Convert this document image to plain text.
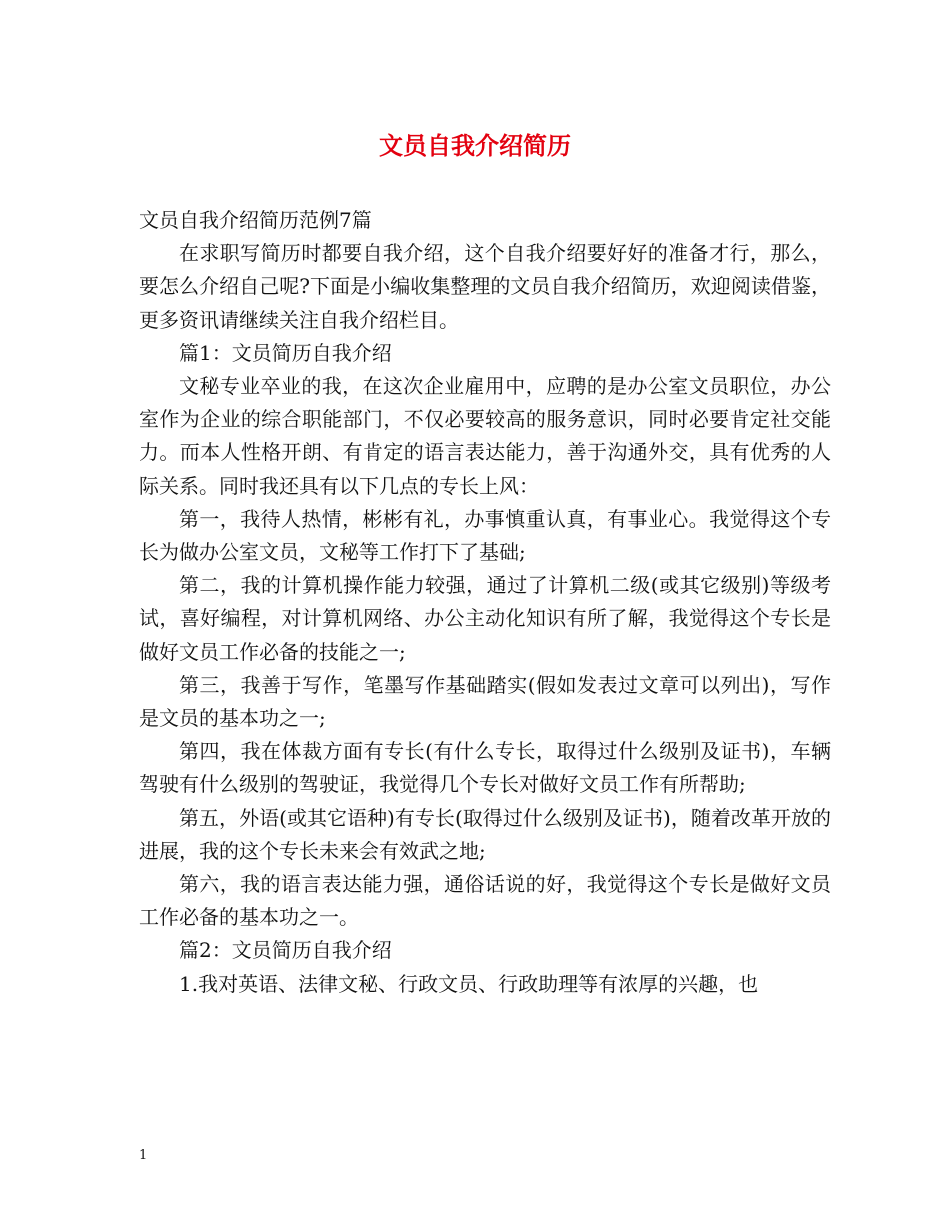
文员自我介绍简历

文员自我介绍简历范例7篇

在求职写简历时都要自我介绍，这个自我介绍要好好的准备才行，那么，要怎么介绍自己呢?下面是小编收集整理的文员自我介绍简历，欢迎阅读借鉴，更多资讯请继续关注自我介绍栏目。

篇1：文员简历自我介绍

文秘专业卒业的我，在这次企业雇用中，应聘的是办公室文员职位，办公室作为企业的综合职能部门，不仅必要较高的服务意识，同时必要肯定社交能力。而本人性格开朗、有肯定的语言表达能力，善于沟通外交，具有优秀的人际关系。同时我还具有以下几点的专长上风：

第一，我待人热情，彬彬有礼，办事慎重认真，有事业心。我觉得这个专长为做办公室文员，文秘等工作打下了基础;

第二，我的计算机操作能力较强，通过了计算机二级(或其它级别)等级考试，喜好编程，对计算机网络、办公主动化知识有所了解，我觉得这个专长是做好文员工作必备的技能之一;

第三，我善于写作，笔墨写作基础踏实(假如发表过文章可以列出)，写作是文员的基本功之一;

第四，我在体裁方面有专长(有什么专长，取得过什么级别及证书)，车辆驾驶有什么级别的驾驶证，我觉得几个专长对做好文员工作有所帮助;

第五，外语(或其它语种)有专长(取得过什么级别及证书)，随着改革开放的进展，我的这个专长未来会有效武之地;

第六，我的语言表达能力强，通俗话说的好，我觉得这个专长是做好文员工作必备的基本功之一。

篇2：文员简历自我介绍

1.我对英语、法律文秘、行政文员、行政助理等有浓厚的兴趣，也

1
